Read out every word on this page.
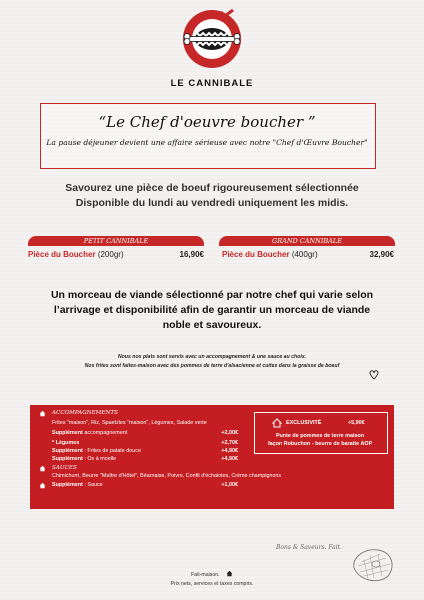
LE CANNIBALE
“Le Chef d'oeuvre boucher ”
La pause déjeuner devient une affaire sérieuse avec notre "Chef d'Œuvre Boucher"
Savourez une pièce de boeuf rigoureusement sélectionnée
Disponible du lundi au vendredi uniquement les midis.
PETIT CANNIBALE
Pièce du Boucher (200gr)	16,90€
GRAND CANNIBALE
Pièce du Boucher (400gr)	32,90€
Un morceau de viande sélectionné par notre chef qui varie selon
l’arrivage et disponibilité afin de garantir un morceau de viande
noble et savoureux.
Nous nos plats sont servis avec un accompagnement & une sauce au choix.
Nos frites sont faites-maison avec des pommes de terre d'alsacienne et cuites dans la graisse de boeuf
ACCOMPAGNEMENTS
Frites "maison", Riz, Spaetzles "maison", Légumes, Salade verte
Supplément accompagnement	+2,00€
* Légumes	+2,70€
Supplément : Frites de patate douce	+4,90€
Supplément : Os à moelle	+4,90€
SAUCES
Chimichurri, Beurre "Maître d'Hôtel", Béarnaise, Poivre, Confit d'échalotes, Crème champignons
Supplément : Sauce	+1,00€
EXCLUSIVITÉ	+5,90€
Purée de pommes de terre maison
façon Robuchon - beurre de baratte AOP
Bons & Saveurs. Fait.
Fait-maison.
Prix nets, services et taxes compris.
